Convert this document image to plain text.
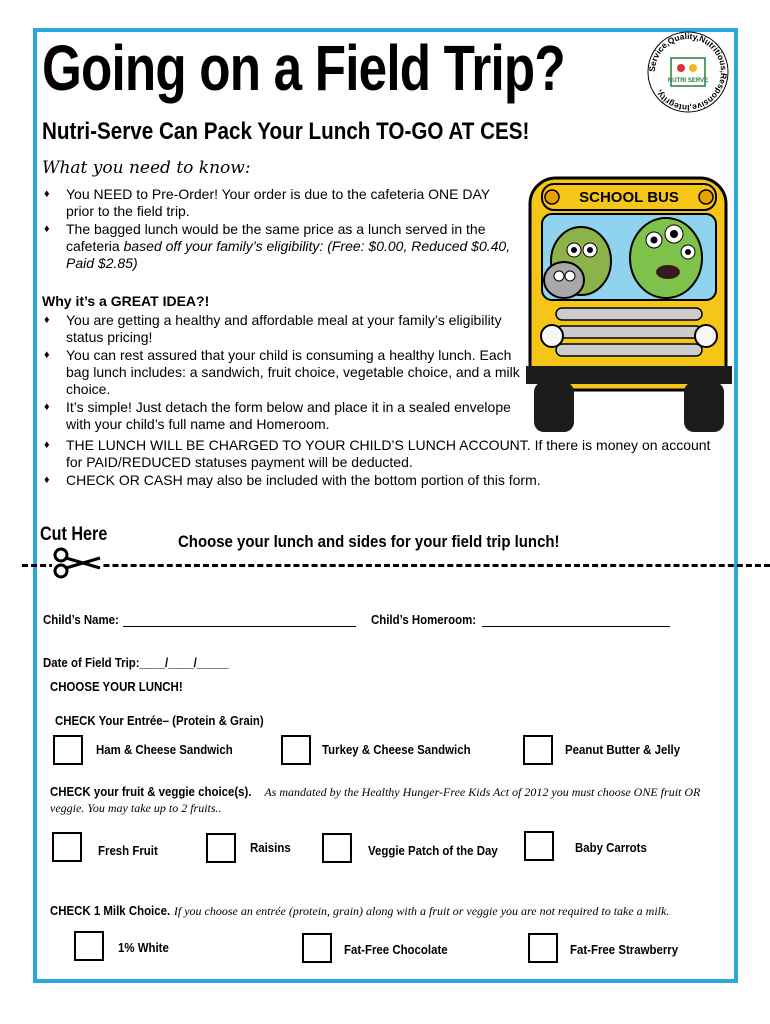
Going on a Field Trip?	Service,Quality,Nutritious,Responsive,Integrity,
NUTRI SERVE
Nutri-Serve Can Pack Your Lunch TO-GO AT CES!
What you need to know:
♦ You NEED to Pre-Order! Your order is due to the cafeteria ONE DAY prior to the field trip.
♦ The bagged lunch would be the same price as a lunch served in the cafeteria based off your family’s eligibility: (Free: $0.00, Reduced $0.40, Paid $2.85)
SCHOOL BUS
Why it’s a GREAT IDEA?!
♦ You are getting a healthy and affordable meal at your family’s eligibility status pricing!
♦ You can rest assured that your child is consuming a healthy lunch. Each bag lunch includes: a sandwich, fruit choice, vegetable choice, and a milk choice.
♦ It’s simple! Just detach the form below and place it in a sealed envelope with your child’s full name and Homeroom.
♦ THE LUNCH WILL BE CHARGED TO YOUR CHILD’S LUNCH ACCOUNT. If there is money on account for PAID/REDUCED statuses payment will be deducted.
♦ CHECK OR CASH may also be included with the bottom portion of this form.
Cut Here	Choose your lunch and sides for your field trip lunch!
Child’s Name:	Child’s Homeroom:
Date of Field Trip:____/____/_____
CHOOSE YOUR LUNCH!
CHECK Your Entrée– (Protein & Grain)
Ham & Cheese Sandwich	Turkey & Cheese Sandwich	Peanut Butter & Jelly
CHECK your fruit & veggie choice(s). As mandated by the Healthy Hunger-Free Kids Act of 2012 you must choose ONE fruit OR
veggie. You may take up to 2 fruits..
Fresh Fruit	Raisins	Veggie Patch of the Day	Baby Carrots
CHECK 1 Milk Choice. If you choose an entrée (protein, grain) along with a fruit or veggie you are not required to take a milk.
1% White	Fat-Free Chocolate	Fat-Free Strawberry
